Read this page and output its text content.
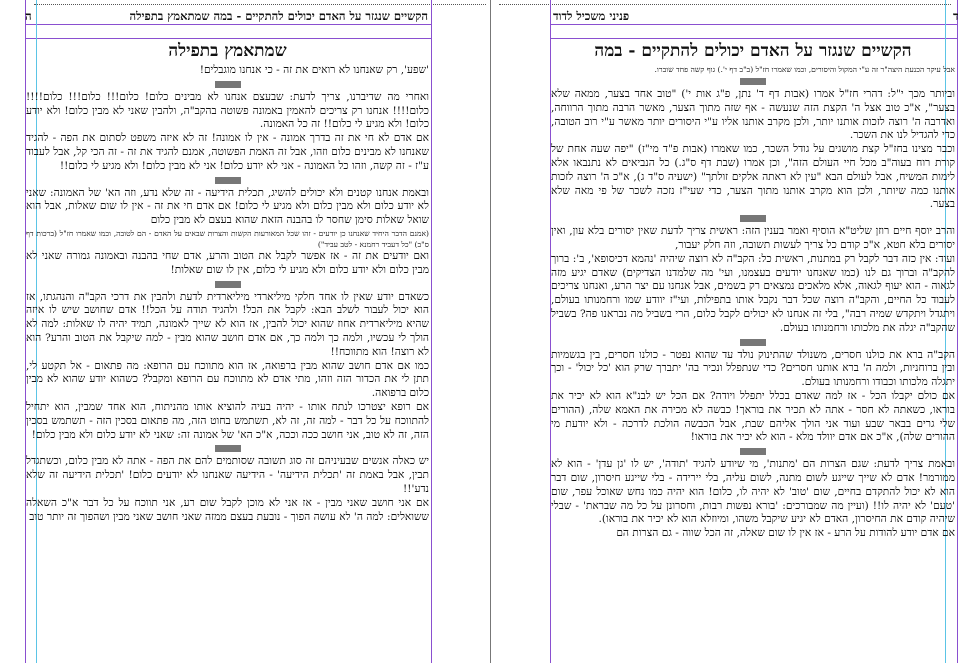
ה	הקשיים שנגזר על האדם יכולים להתקיים - במה שמתאמץ בתפילה
שמתאמץ בתפילה

'שפע', רק שאנחנו לא רואים את זה - כי אנחנו מוגבלים!

ואחרי מה שדיברנו, צריך לדעת: שבעצם אנחנו לא מבינים כלום! כלום!!! כלום!!! כלום!!!! כלום!!!! אנחנו רק צריכים להאמין באמונה פשוטה בהקב"ה, ולהבין שאני לא מבין כלום! ולא יודע כלום! ולא מגיע לי כלום!! זה כל האמונה.

אם אדם לא חי את זה בדרך אמונה - אין לו אמונה! זה לא איזה משפט לסתום את הפה - להגיד שאנחנו לא מבינים כלום וזהו, אבל זה האמת הפשוטה, אמנם להגיד את זה - זה הכי קל, אבל לעבוד ע"ז - זה קשה, וזהו כל האמונה - אני לא יודע כלום! אני לא מבין כלום! ולא מגיע לי כלום!!

ובאמת אנחנו קטנים ולא יכולים להשיג, תכלית הידיעה - זה שלא נדע, וזה הא' של האמונה: שאני לא יודע כלום ולא מבין כלום ולא מגיע לי כלום! אם אדם חי את זה - אין לו שום שאלות, אבל הוא שואל שאלות סימן שחסר לו בהבנה הזאת שהוא בעצם לא מבין כלום

(אמנם הדבר היחיד שאנחנו כן יודעים - זהו שכל המאורעות הקשות והצרות שבאים על האדם - הם לטובה, וכמו שאמרו חז"ל (ברכות דף ס"ב) "כל דעביד רחמנא - לטב עביד")

ואם יודעים את זה - אז אפשר לקבל את הטוב והרע, אדם שחי בהבנה ובאמונה גמורה שאני לא מבין כלום ולא יודע כלום ולא מגיע לי כלום, אין לו שום שאלות!

כשאדם יודע שאין לו אחד חלקי מיליארדי מיליארדית לדעת ולהבין את דרכי הקב"ה והנהגתו, אז הוא יכול לעבור לשלב הבא: לקבל את הכל! ולהגיד תודה על הכל!! אדם שחושב שיש לו איזה שהיא מיליארדית אחוז שהוא יכול להבין, אז הוא לא שייך לאמונה, תמיד יהיה לו שאלות: למה לא הולך לי עכשיו, ולמה כך ולמה כך, אם אדם חושב שהוא מבין - למה שיקבל את הטוב והרע? הוא לא רוצה! הוא מתווכח!!

כמו אם אדם חושב שהוא מבין ברפואה, אז הוא מתווכח עם הרופא: מה פתאום - אל תקטע לי, תתן לי את הכדור הזה וזהו, מתי אדם לא מתווכח עם הרופא ומקבל? כשהוא יודע שהוא לא מבין כלום ברפואה.

אם רופא יצטרכו לנתח אותו - יהיה בעיה להוציא אותו מהניתוח, הוא אחד שמבין, הוא יתחיל להתווכח על כל דבר - למה זה, זה לא, תשתמש בחוט הזה, מה פתאום בסכין הזה - תשתמש בסכין הזה, זה לא טוב, אני חושב ככה וככה, א"כ הא' של אמונה זה: שאני לא יודע כלום ולא מבין כלום!

יש כאלה אנשים שבעיניהם זה סוג תשובה שסותמים להם את הפה - אתה לא מבין כלום, וכשתגדל תבין, אבל באמת זה 'תכלית הידיעה' - הידיעה שאנחנו לא יודעים כלום! 'תכלית הידיעה זה שלא נדע'!!

אם אני חושב שאני מבין - אז אני לא מוכן לקבל שום רע, אני תווכח על כל דבר א"כ השאלה ששואלים: למה ה' לא עושה הפוך - נובעת בעצם ממזה שאני חושב שאני מבין ושהפוך זה יותר טוב

ד
פניני משכיל לדוד
הקשיים שנגזר על האדם יכולים להתקיים - במה

אבל עיקר הכנעת היצה"ר זה ע"י המקול והיסורים, וכמו שאמרו חז"ל (ב"ב דף י'.) גוף קשה פחד שוברו.

וביותר מכך י"ל: דהרי חז"ל אמרו (אבות דף ד' נתן, פ"ג אות י') "טוב אחד בצער, ממאה שלא בצער", א"כ טוב אצל ה' הקצת הזה שנעשה - אף שזה מתוך הצער, מאשר הרבה מתוך הרווחה, ואדרבה ה' רוצה לזכות אותנו יותר, ולכן מקרב אותנו אליו ע"י היסורים יותר מאשר ע"י רוב הטובה, כדי להגדיל לנו את השכר.

וכבר מצינו בחז"ל קצת מושגים על גודל השכר, כמו שאמרו (אבות פ"ד מי"ז) "יפה שעה אחת של קורת רוח בעוה"ב מכל חיי העולם הזה", וכן אמרו (שבת דף ס"ג.) כל הנביאים לא נתנבאו אלא לימות המשיח, אבל לעולם הבא "עין לא ראתה אלקים זולתך" (ישעיה ס"ד ג), א"כ ה' רוצה לזכות אותנו כמה שיותר, ולכן הוא מקרב אותנו מתוך הצער, כדי שעי"ז נזכה לשכר של פי מאה שלא בצער.

והרב יוסף חיים רוזן שליט"א הוסיף ואמר בענין הזה: ראשית צריך לדעת שאין יסורים בלא עון, ואין יסורים בלא חטא, א"כ קודם כל צריך לעשות תשובה, וזה חלק יעבור,

ועוד: אין כזה דבר לקבל רק במתנות, ראשית כל: הקב"ה לא רוצה שיהיה 'נהמא דכיסופא', ב': ברוך להקב"ה וברוך גם לנו (כמו שאנחנו יודעים בעצמנו, ועי' מה שלמדנו הצדיקים) שאדם יגיע מזה לגאוה - הוא יעוף לגאוה, אלא מלאכים נמצאים רק בשמים, אבל אנחנו עם יצר הרע, ואנחנו צריכים לעבוד כל החיים, והקב"ה רוצה שכל דבר נקבל אותו בתפילות, ועי"ז יוודע שמו ורחמנותו בעולם, ויתגדל ויתקדש שמיה רבה", בלי זה אנחנו לא יכולים לקבל כלום, הרי בשביל מה נבראנו פה? בשביל שהקב"ה יגלה את מלכותו ורחמנותו בעולם.

הקב"ה ברא את כולנו חסרים, משנולד שהתינוק נולד עד שהוא נפטר - כולנו חסרים, בין בגשמיות ובין ברוחניות, ולמה ה' ברא אותנו חסרים? כדי שנתפלל ונכיר בה' יתברך שרק הוא 'כל יכול' - וכך יתגלה מלכותו וכבודו ורחמנותו בעולם.

אם כולם יקבלו הכל - אז למה שאדם בכלל יתפלל ויודה? אם הכל יש לבנ"א הוא לא יכיר את בוראו, כשאתה לא חסר - אתה לא תכיר את בוראך! כבשה לא מכירה את האמא שלה, (ההורים שלי גרים בבאר שבע ועוד אני הולך אליהם שבת, אבל הכבשה הולכת לדרכה - ולא יודעת מי ההורים שלה), א"כ אם אדם יוולד מלא - הוא לא יכיר את בוראו!

ובאמת צריך לדעת: שגם הצרות הם 'מתנות', מי שיודע להגיד 'תודה', יש לו 'גן עדן' - הוא לא ממורמר! אדם לא שייך שייגע לשום מתנה, לשום עליה, בלי יירידה - בלי שייגע חיסרון, שום דבר הוא לא יכול להתקדם בחיים, שום 'טוב' לא יהיה לו, כלום! הוא יהיה כמו נחש שאוכל עפר, שום 'טעם' לא יהיה לו!! (ועיין מה שמבורכים: 'בורא נפשות רבות, וחסרונן על כל מה שבראת' - שבלי שיהיה קודם את החיסרון, האדם לא יגיע שיקבל משהו, ומיוזלא הוא לא יכיר את בוראו).

אם אדם יודע להודות על הרע - אז אין לו שום שאלה, זה הכל שווה - גם הצרות הם
